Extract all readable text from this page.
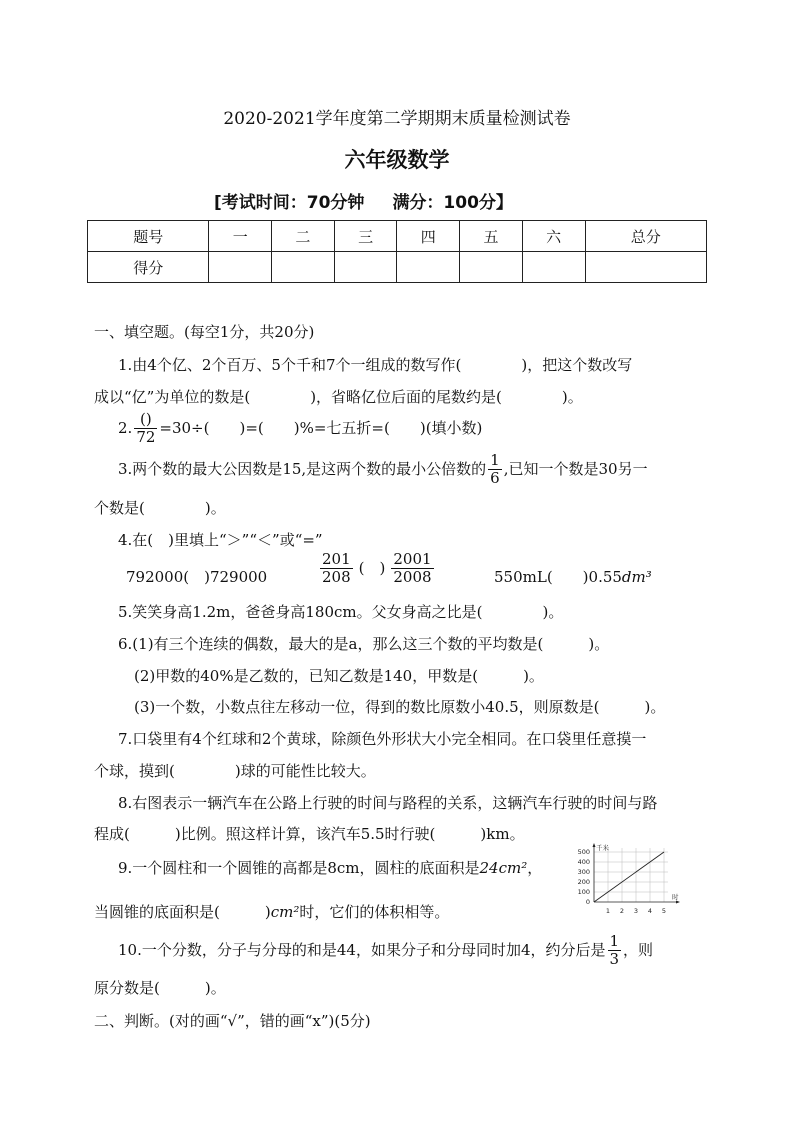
2020-2021学年度第二学期期末质量检测试卷
六年级数学
[考试时间：70分钟 满分：100分】
题号	一	二	三	四	五	六	总分
得分							
一、填空题。(每空1分，共20分)
1.由4个亿、2个百万、5个千和7个一组成的数写作(　　　　)，把这个数改写
成以“亿”为单位的数是(　　　　)，省略亿位后面的尾数约是(　　　　)。
2. $\frac{()}{72} =30\div$(　　)=(　　)%=七五折=(　　)(填小数)
3.两个数的最大公因数是15,是这两个数的最小公倍数的 $\frac{1}{6}$ ,已知一个数是30另一
个数是(　　　　)。
4.在(　)里填上“＞”“＜”或“=”
792000(　)729000	$\frac{201}{208}$ (　) $\frac{2001}{2008}$	550mL(　　)0.55dm³
5.笑笑身高1.2m，爸爸身高180cm。父女身高之比是(　　　　)。
6.(1)有三个连续的偶数，最大的是a，那么这三个数的平均数是(　　　)。
(2)甲数的40%是乙数的，已知乙数是140，甲数是(　　　)。
(3)一个数，小数点往左移动一位，得到的数比原数小40.5，则原数是(　　　)。
7.口袋里有4个红球和2个黄球，除颜色外形状大小完全相同。在口袋里任意摸一
个球，摸到(　　　　)球的可能性比较大。
8.右图表示一辆汽车在公路上行驶的时间与路程的关系，这辆汽车行驶的时间与路
程成(　　　)比例。照这样计算，该汽车5.5时行驶(　　　)km。
9.一个圆柱和一个圆锥的高都是8cm，圆柱的底面积是24cm²，
当圆锥的底面积是(　　　)cm²时，它们的体积相等。
千米
时
0
100
200
300
400
500
1 2 3 4 5
10.一个分数，分子与分母的和是44，如果分子和分母同时加4，约分后是 $\frac{1}{3}$ ，则
原分数是(　　　)。
二、判断。(对的画“√”，错的画“x”)(5分)
